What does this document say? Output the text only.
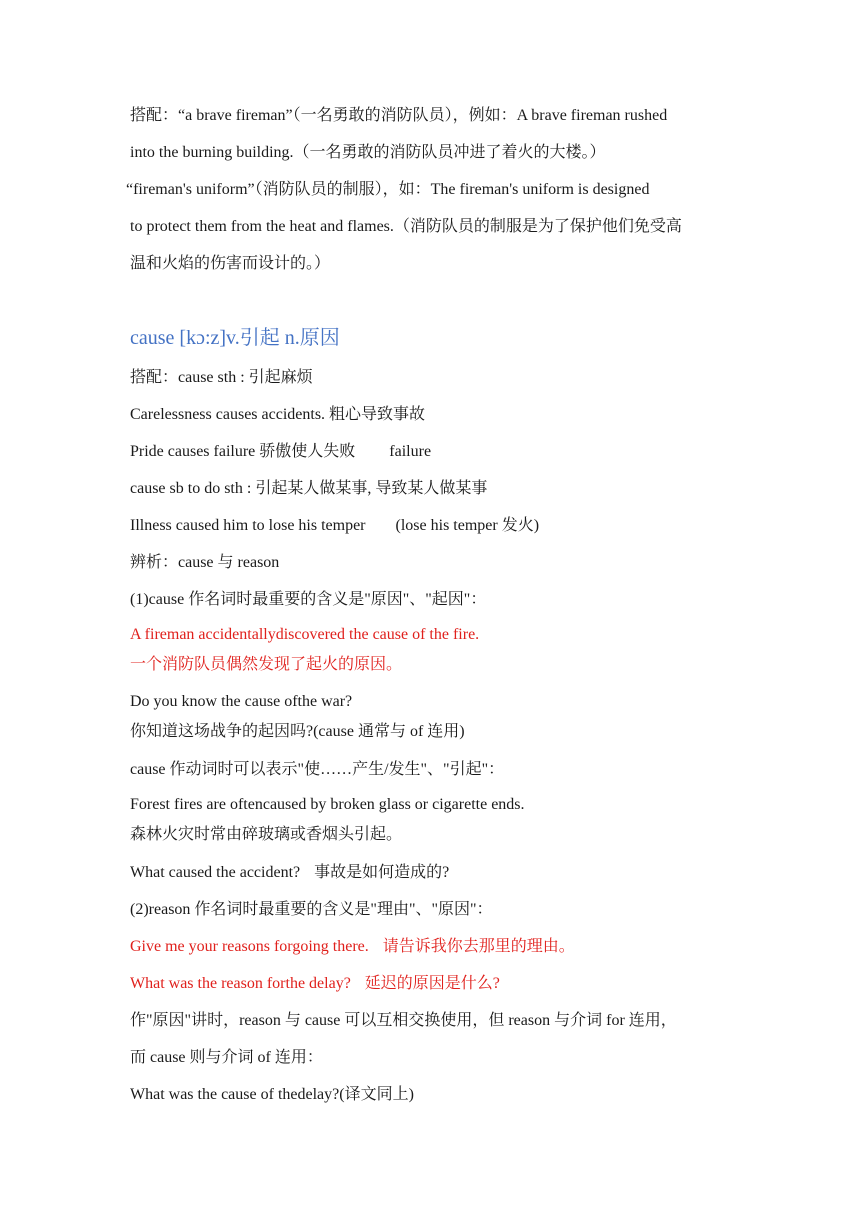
搭配：“a brave fireman”（一名勇敢的消防队员），例如：A brave fireman rushed
into the burning building.（一名勇敢的消防队员冲进了着火的大楼。）
“fireman's uniform”（消防队员的制服），如：The fireman's uniform is designed
to protect them from the heat and flames.（消防队员的制服是为了保护他们免受高
温和火焰的伤害而设计的。）
cause [kɔ:z]v.引起 n.原因
搭配：cause sth : 引起麻烦
Carelessness causes accidents. 粗心导致事故
Pride causes failure 骄傲使人失败 failure
cause sb to do sth : 引起某人做某事, 导致某人做某事
Illness caused him to lose his temper (lose his temper 发火)
辨析：cause 与 reason
(1)cause 作名词时最重要的含义是"原因"、"起因"：
A fireman accidentallydiscovered the cause of the fire.
一个消防队员偶然发现了起火的原因。
Do you know the cause ofthe war?
你知道这场战争的起因吗?(cause 通常与 of 连用)
cause 作动词时可以表示"使……产生/发生"、"引起"：
Forest fires are oftencaused by broken glass or cigarette ends.
森林火灾时常由碎玻璃或香烟头引起。
What caused the accident? 事故是如何造成的?
(2)reason 作名词时最重要的含义是"理由"、"原因"：
Give me your reasons forgoing there. 请告诉我你去那里的理由。
What was the reason forthe delay? 延迟的原因是什么?
作"原因"讲时，reason 与 cause 可以互相交换使用，但 reason 与介词 for 连用，
而 cause 则与介词 of 连用：
What was the cause of thedelay?(译文同上)
